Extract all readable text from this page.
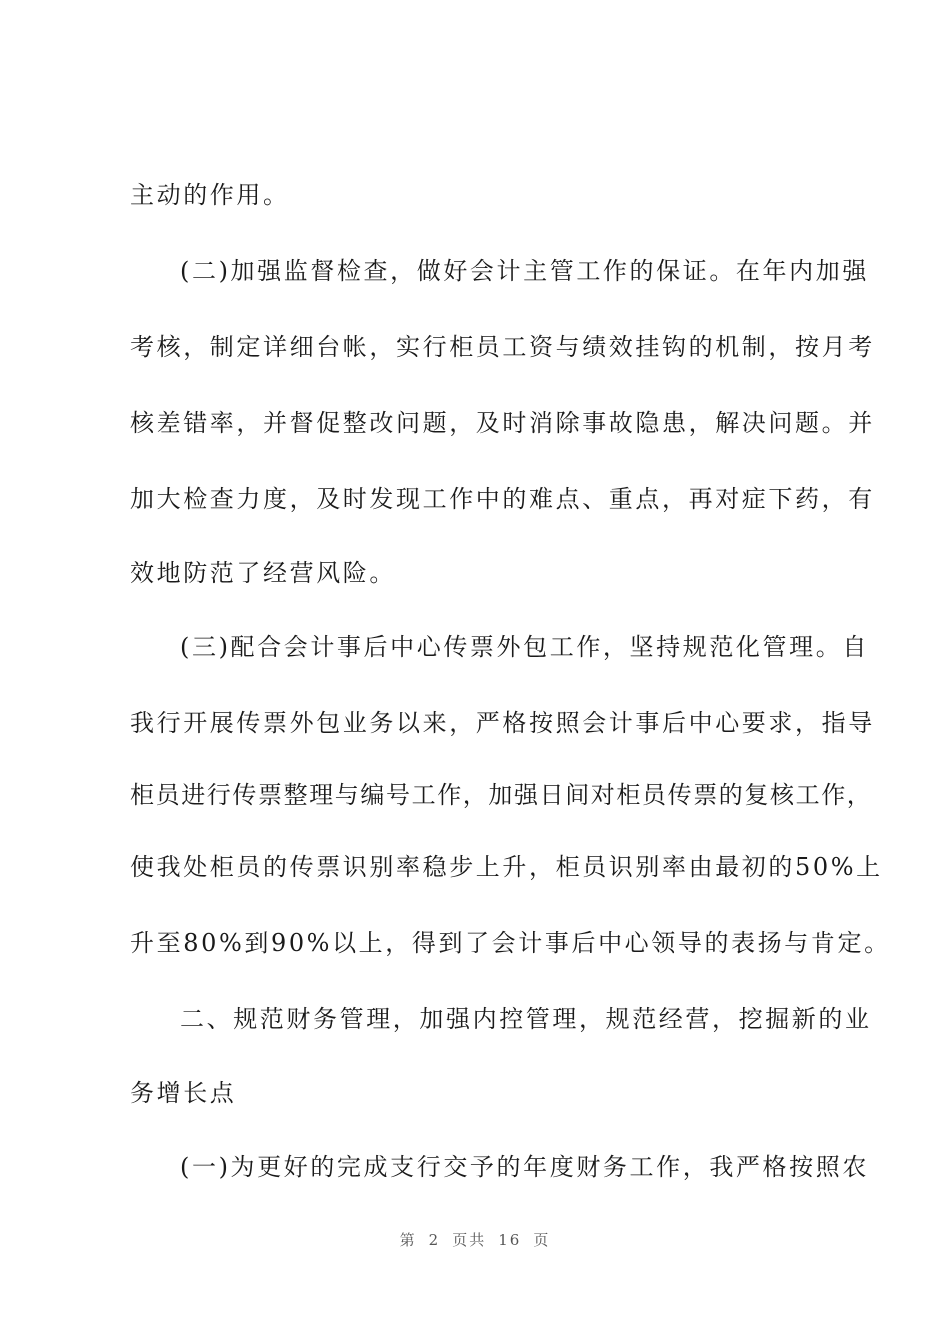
主动的作用。
(二)加强监督检查，做好会计主管工作的保证。在年内加强
考核，制定详细台帐，实行柜员工资与绩效挂钩的机制，按月考
核差错率，并督促整改问题，及时消除事故隐患，解决问题。并
加大检查力度，及时发现工作中的难点、重点，再对症下药，有
效地防范了经营风险。
(三)配合会计事后中心传票外包工作，坚持规范化管理。自
我行开展传票外包业务以来，严格按照会计事后中心要求，指导
柜员进行传票整理与编号工作，加强日间对柜员传票的复核工作，
使我处柜员的传票识别率稳步上升，柜员识别率由最初的50%上
升至80%到90%以上，得到了会计事后中心领导的表扬与肯定。
二、规范财务管理，加强内控管理，规范经营，挖掘新的业
务增长点
(一)为更好的完成支行交予的年度财务工作，我严格按照农
第 2 页共 16 页
